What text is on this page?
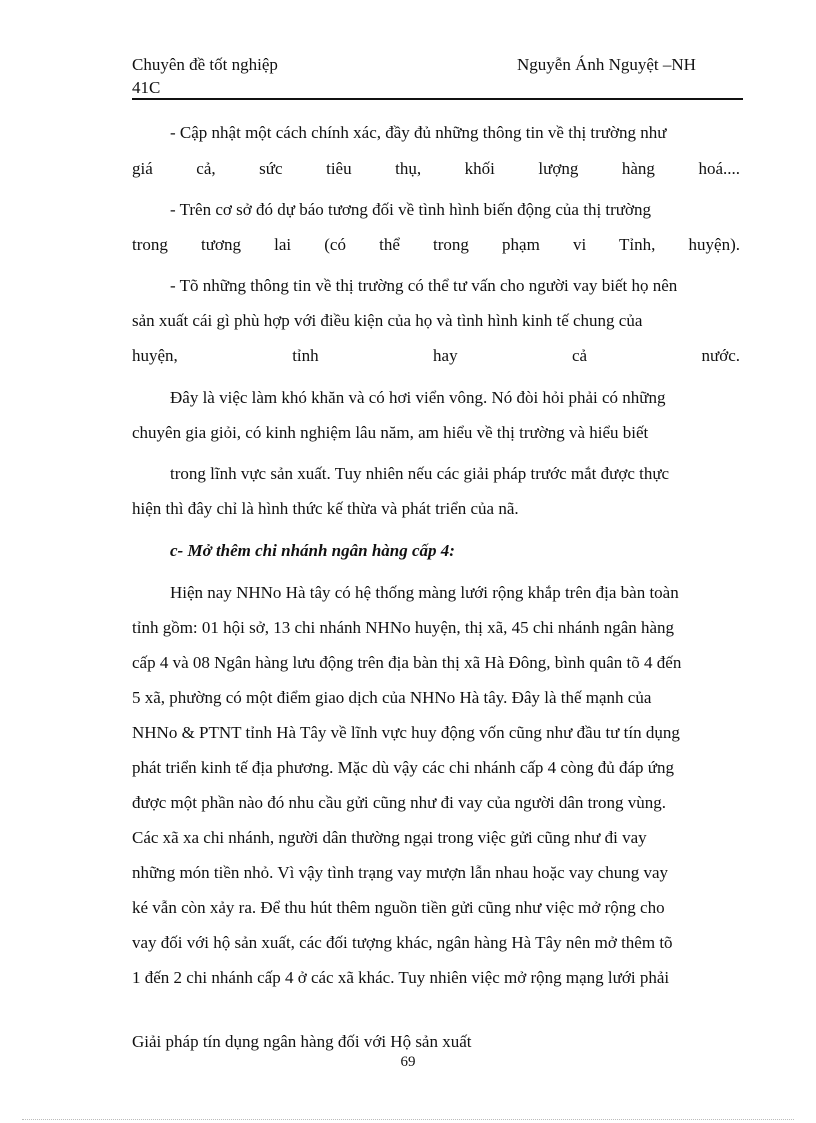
Chuyên đề tốt nghiệp
41C
Nguyễn Ánh Nguyệt –NH
- Cập nhật một cách chính xác, đầy đủ những thông tin về thị trường như
giá cả, sức tiêu thụ, khối lượng hàng hoá....
- Trên cơ sở đó dự báo tương đối về tình hình biến động của thị trường
trong tương lai (có thể trong phạm vi Tỉnh, huyện).
- Tõ những thông tin về thị trường có thể tư vấn cho người vay biết họ nên
sản xuất cái gì phù hợp với điều kiện của họ và tình hình kinh tế chung của
huyện, tỉnh hay cả nước.
Đây là việc làm khó khăn và có hơi viển vông. Nó đòi hỏi phải có những
chuyên gia giỏi, có kinh nghiệm lâu năm, am hiểu về thị trường và hiểu biết
trong lĩnh vực sản xuất. Tuy nhiên nếu các giải pháp trước mắt được thực
hiện thì đây chỉ là hình thức kế thừa và phát triển của nã.
c- Mở thêm chi nhánh ngân hàng cấp 4:
Hiện nay NHNo Hà tây có hệ thống màng lưới rộng khắp trên địa bàn toàn
tỉnh gồm: 01 hội sở, 13 chi nhánh NHNo huyện, thị xã, 45 chi nhánh ngân hàng
cấp 4 và 08 Ngân hàng lưu động trên địa bàn thị xã Hà Đông, bình quân tõ 4 đến
5 xã, phường có một điểm giao dịch của NHNo Hà tây. Đây là thế mạnh của
NHNo & PTNT tỉnh Hà Tây về lĩnh vực huy động vốn cũng như đầu tư tín dụng
phát triển kinh tế địa phương. Mặc dù vậy các chi nhánh cấp 4 còng đủ đáp ứng
được một phần nào đó nhu cầu gửi cũng như đi vay của người dân trong vùng.
Các xã xa chi nhánh, người dân thường ngại trong việc gửi cũng như đi vay
những món tiền nhỏ. Vì vậy tình trạng vay mượn lẫn nhau hoặc vay chung vay
ké vẫn còn xảy ra. Để thu hút thêm nguồn tiền gửi cũng như việc mở rộng cho
vay đối với hộ sản xuất, các đối tượng khác, ngân hàng Hà Tây nên mở thêm tõ
1 đến 2 chi nhánh cấp 4 ở các xã khác. Tuy nhiên việc mở rộng mạng lưới phải
Giải pháp tín dụng ngân hàng đối với Hộ sản xuất
69
